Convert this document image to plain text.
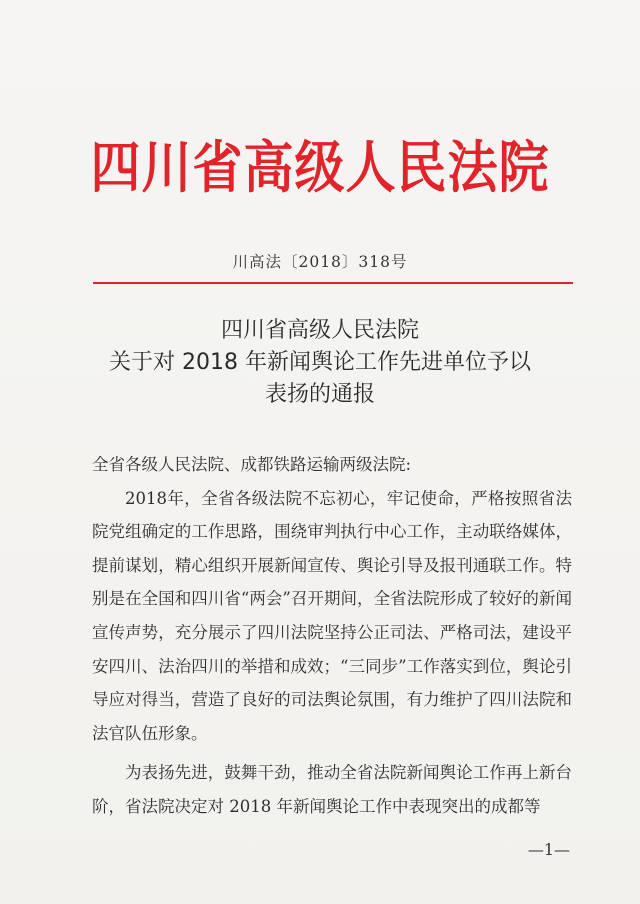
四川省高级人民法院
川高法〔2018〕318号
四川省高级人民法院
关于对 2018 年新闻舆论工作先进单位予以
表扬的通报

全省各级人民法院、成都铁路运输两级法院:

2018年，全省各级法院不忘初心，牢记使命，严格按照省法院党组确定的工作思路，围绕审判执行中心工作，主动联络媒体，提前谋划，精心组织开展新闻宣传、舆论引导及报刊通联工作。特别是在全国和四川省“两会”召开期间，全省法院形成了较好的新闻宣传声势，充分展示了四川法院坚持公正司法、严格司法，建设平安四川、法治四川的举措和成效；“三同步”工作落实到位，舆论引导应对得当，营造了良好的司法舆论氛围，有力维护了四川法院和法官队伍形象。

为表扬先进，鼓舞干劲，推动全省法院新闻舆论工作再上新台阶，省法院决定对 2018 年新闻舆论工作中表现突出的成都等

—1—
